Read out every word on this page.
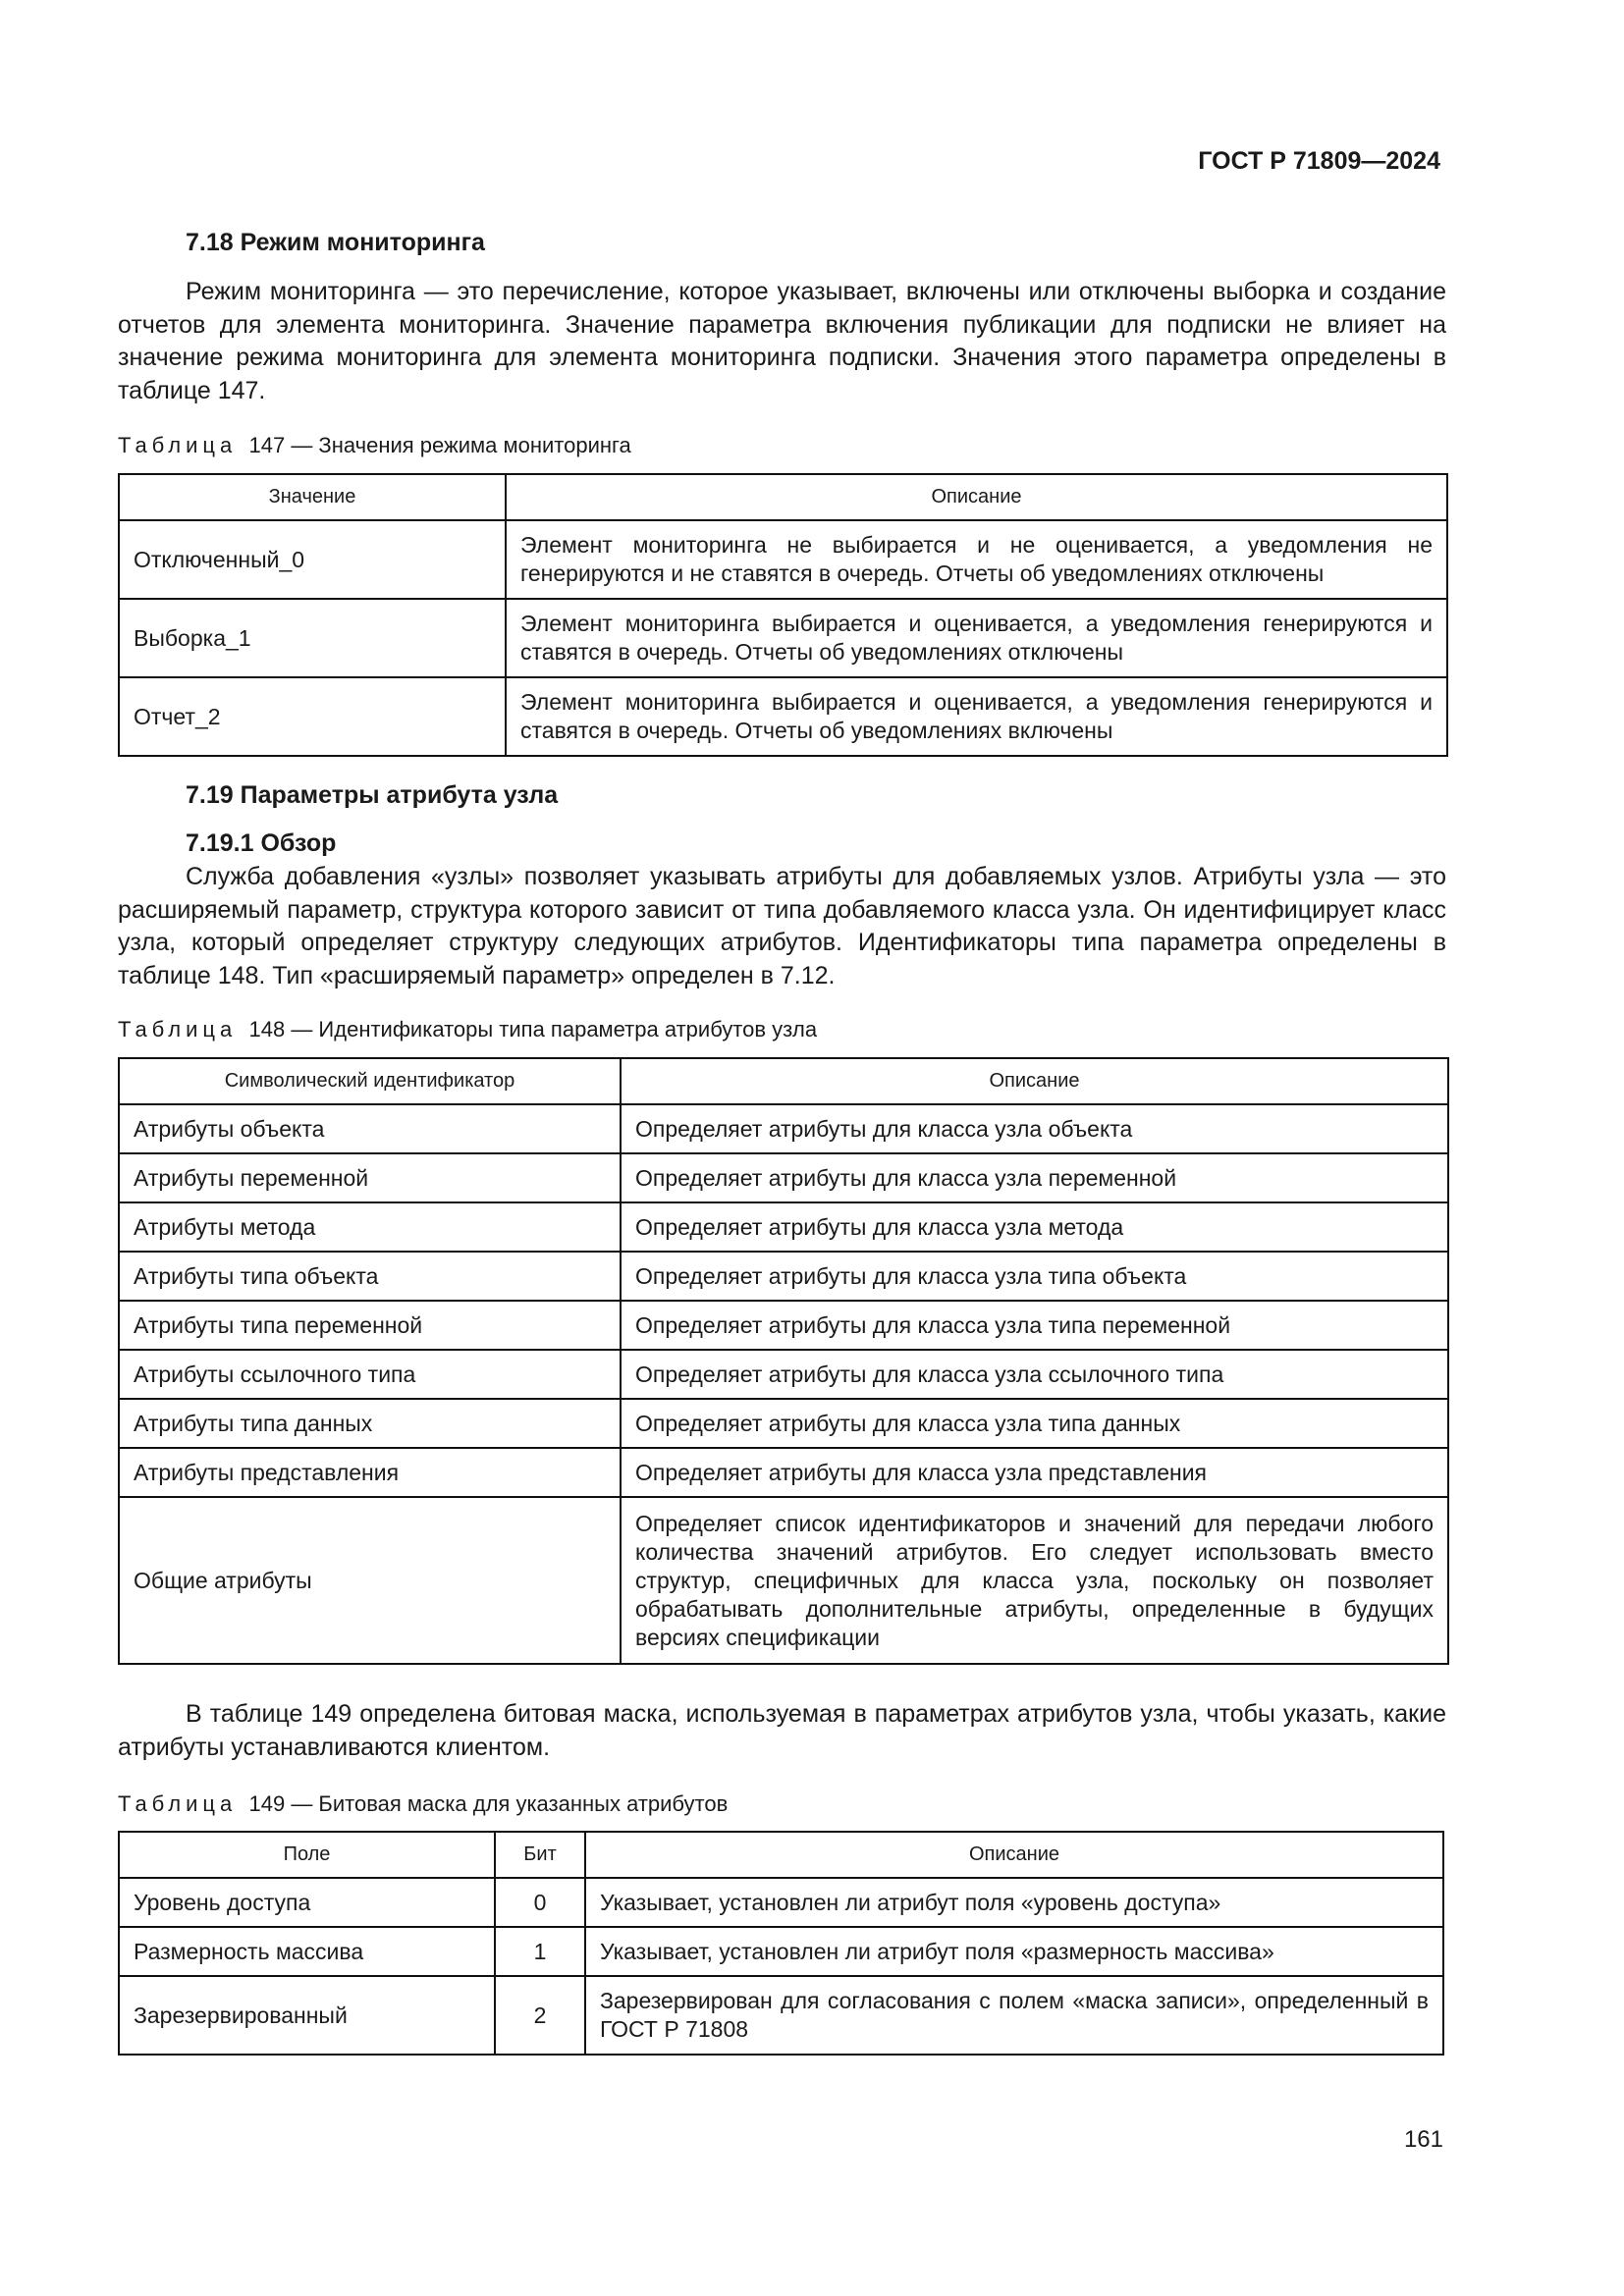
ГОСТ Р 71809—2024
7.18 Режим мониторинга

Режим мониторинга — это перечисление, которое указывает, включены или отключены выборка и создание отчетов для элемента мониторинга. Значение параметра включения публикации для подписки не влияет на значение режима мониторинга для элемента мониторинга подписки. Значения этого параметра определены в таблице 147.

Таблица 147 — Значения режима мониторинга
Значение	Описание
Отключенный_0	Элемент мониторинга не выбирается и не оценивается, а уведомления не генерируются и не ставятся в очередь. Отчеты об уведомлениях отключены
Выборка_1	Элемент мониторинга выбирается и оценивается, а уведомления генерируются и ставятся в очередь. Отчеты об уведомлениях отключены
Отчет_2	Элемент мониторинга выбирается и оценивается, а уведомления генерируются и ставятся в очередь. Отчеты об уведомлениях включены
7.19 Параметры атрибута узла
7.19.1 Обзор

Служба добавления «узлы» позволяет указывать атрибуты для добавляемых узлов. Атрибуты узла — это расширяемый параметр, структура которого зависит от типа добавляемого класса узла. Он идентифицирует класс узла, который определяет структуру следующих атрибутов. Идентификаторы типа параметра определены в таблице 148. Тип «расширяемый параметр» определен в 7.12.

Таблица 148 — Идентификаторы типа параметра атрибутов узла
Символический идентификатор	Описание
Атрибуты объекта	Определяет атрибуты для класса узла объекта
Атрибуты переменной	Определяет атрибуты для класса узла переменной
Атрибуты метода	Определяет атрибуты для класса узла метода
Атрибуты типа объекта	Определяет атрибуты для класса узла типа объекта
Атрибуты типа переменной	Определяет атрибуты для класса узла типа переменной
Атрибуты ссылочного типа	Определяет атрибуты для класса узла ссылочного типа
Атрибуты типа данных	Определяет атрибуты для класса узла типа данных
Атрибуты представления	Определяет атрибуты для класса узла представления
Общие атрибуты	Определяет список идентификаторов и значений для передачи любого количества значений атрибутов. Его следует использовать вместо структур, специфичных для класса узла, поскольку он позволяет обрабатывать дополнительные атрибуты, определенные в будущих версиях спецификации

В таблице 149 определена битовая маска, используемая в параметрах атрибутов узла, чтобы указать, какие атрибуты устанавливаются клиентом.

Таблица 149 — Битовая маска для указанных атрибутов
Поле	Бит	Описание
Уровень доступа	0	Указывает, установлен ли атрибут поля «уровень доступа»
Размерность массива	1	Указывает, установлен ли атрибут поля «размерность массива»
Зарезервированный	2	Зарезервирован для согласования с полем «маска записи», определенный в ГОСТ Р 71808
161
